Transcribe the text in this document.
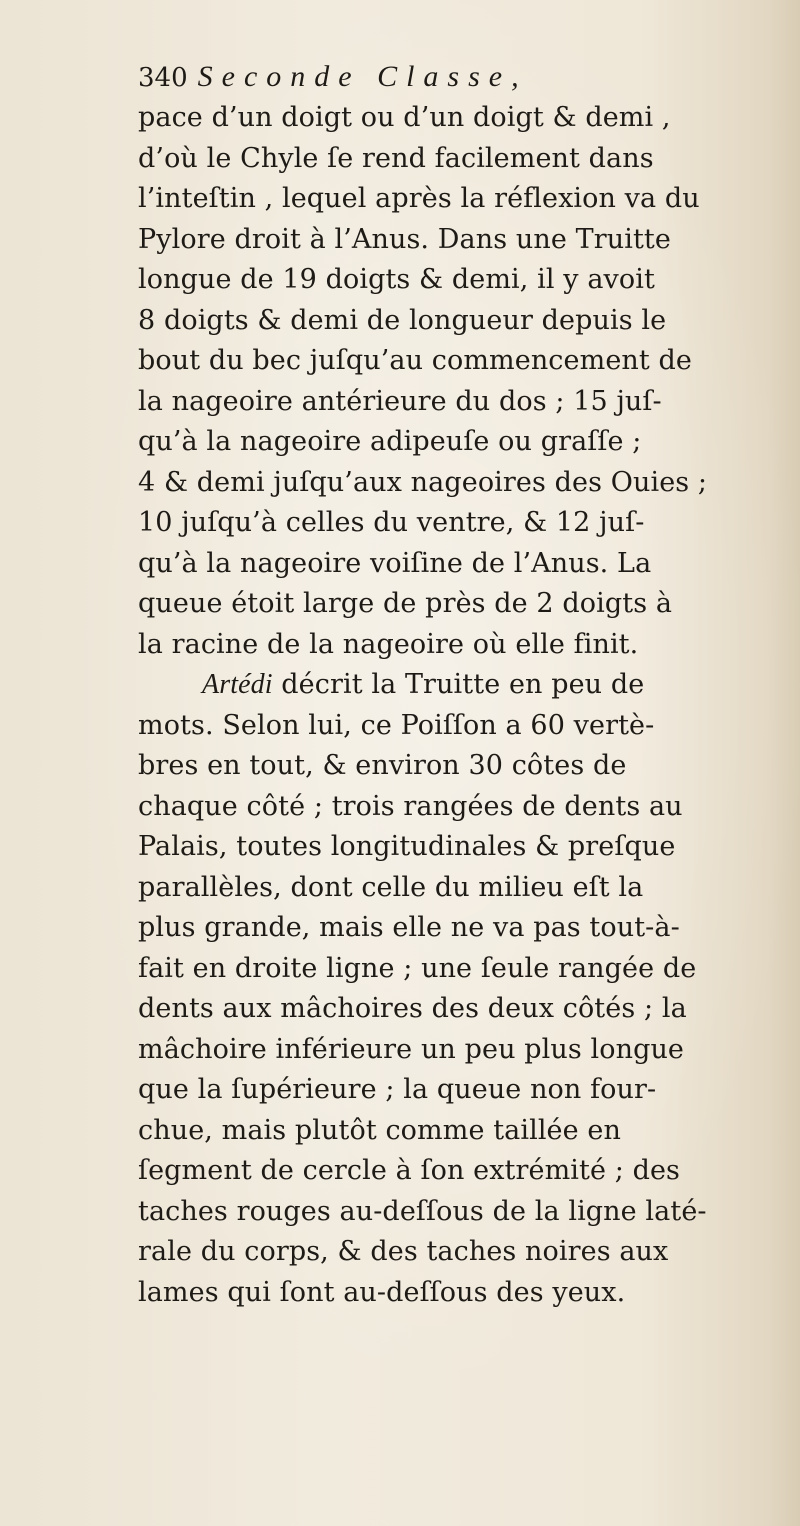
340 Seconde Classe,
pace d’un doigt ou d’un doigt & demi ,
d’où le Chyle ſe rend facilement dans
l’inteſtin , lequel après la réflexion va du
Pylore droit à l’Anus. Dans une Truitte
longue de 19 doigts & demi, il y avoit
8 doigts & demi de longueur depuis le
bout du bec juſqu’au commencement de
la nageoire antérieure du dos ; 15 juſ-
qu’à la nageoire adipeuſe ou graſſe ;
4 & demi juſqu’aux nageoires des Ouies ;
10 juſqu’à celles du ventre, & 12 juſ-
qu’à la nageoire voiſine de l’Anus. La
queue étoit large de près de 2 doigts à
la racine de la nageoire où elle finit.
Artédi décrit la Truitte en peu de
mots. Selon lui, ce Poiſſon a 60 vertè-
bres en tout, & environ 30 côtes de
chaque côté ; trois rangées de dents au
Palais, toutes longitudinales & preſque
parallèles, dont celle du milieu eſt la
plus grande, mais elle ne va pas tout-à-
fait en droite ligne ; une ſeule rangée de
dents aux mâchoires des deux côtés ; la
mâchoire inférieure un peu plus longue
que la ſupérieure ; la queue non four-
chue, mais plutôt comme taillée en
ſegment de cercle à ſon extrémité ; des
taches rouges au-deſſous de la ligne laté-
rale du corps, & des taches noires aux
lames qui ſont au-deſſous des yeux.
